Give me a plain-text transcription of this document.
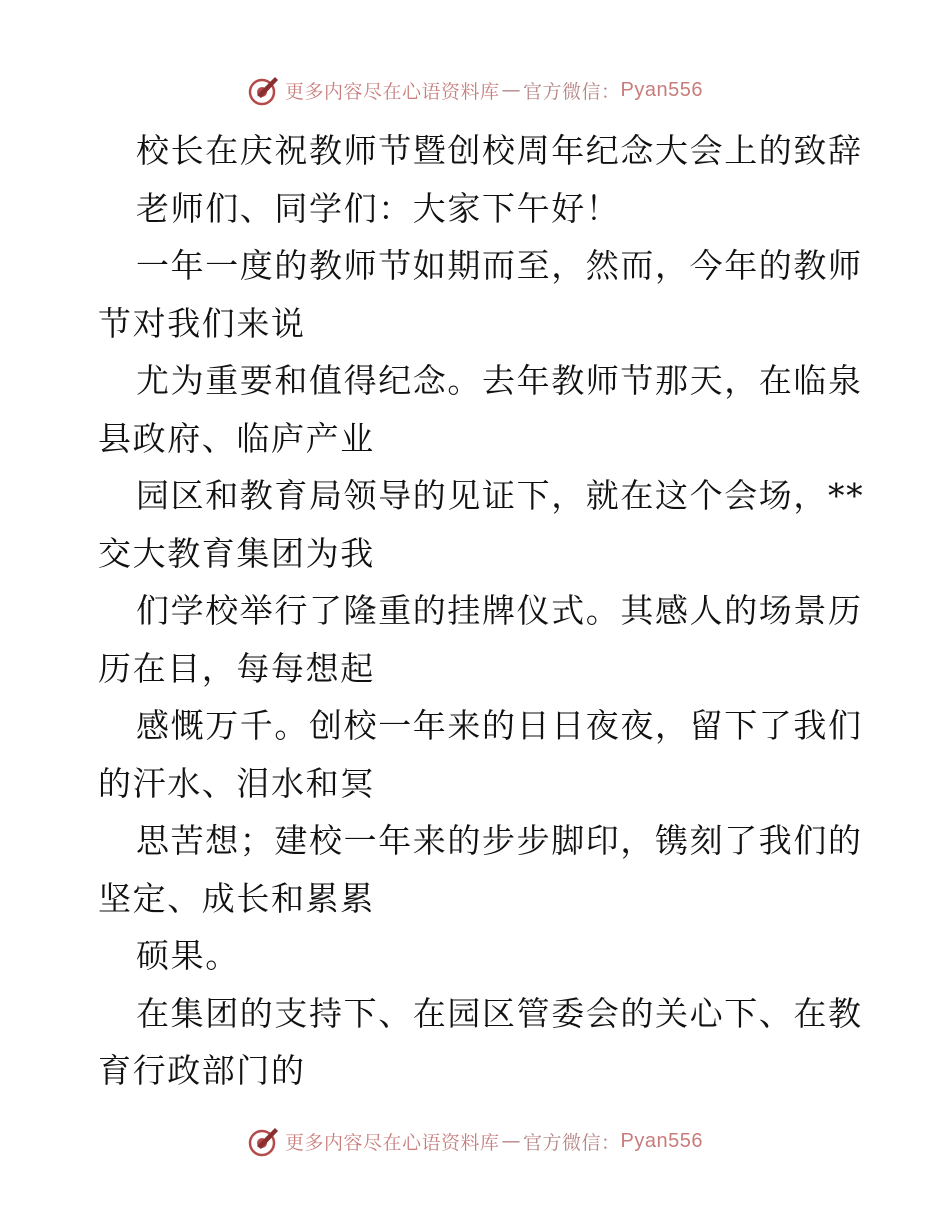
更多内容尽在心语资料库 — 官方微信： Pyan556
校长在庆祝教师节暨创校周年纪念大会上的致辞
老师们、同学们：大家下午好！
一年一度的教师节如期而至，然而，今年的教师
节对我们来说
尤为重要和值得纪念。去年教师节那天，在临泉
县政府、临庐产业
园区和教育局领导的见证下，就在这个会场，**
交大教育集团为我
们学校举行了隆重的挂牌仪式。其感人的场景历
历在目，每每想起
感慨万千。创校一年来的日日夜夜，留下了我们
的汗水、泪水和冥
思苦想；建校一年来的步步脚印，镌刻了我们的
坚定、成长和累累
硕果。
在集团的支持下、在园区管委会的关心下、在教
育行政部门的
更多内容尽在心语资料库 — 官方微信： Pyan556
